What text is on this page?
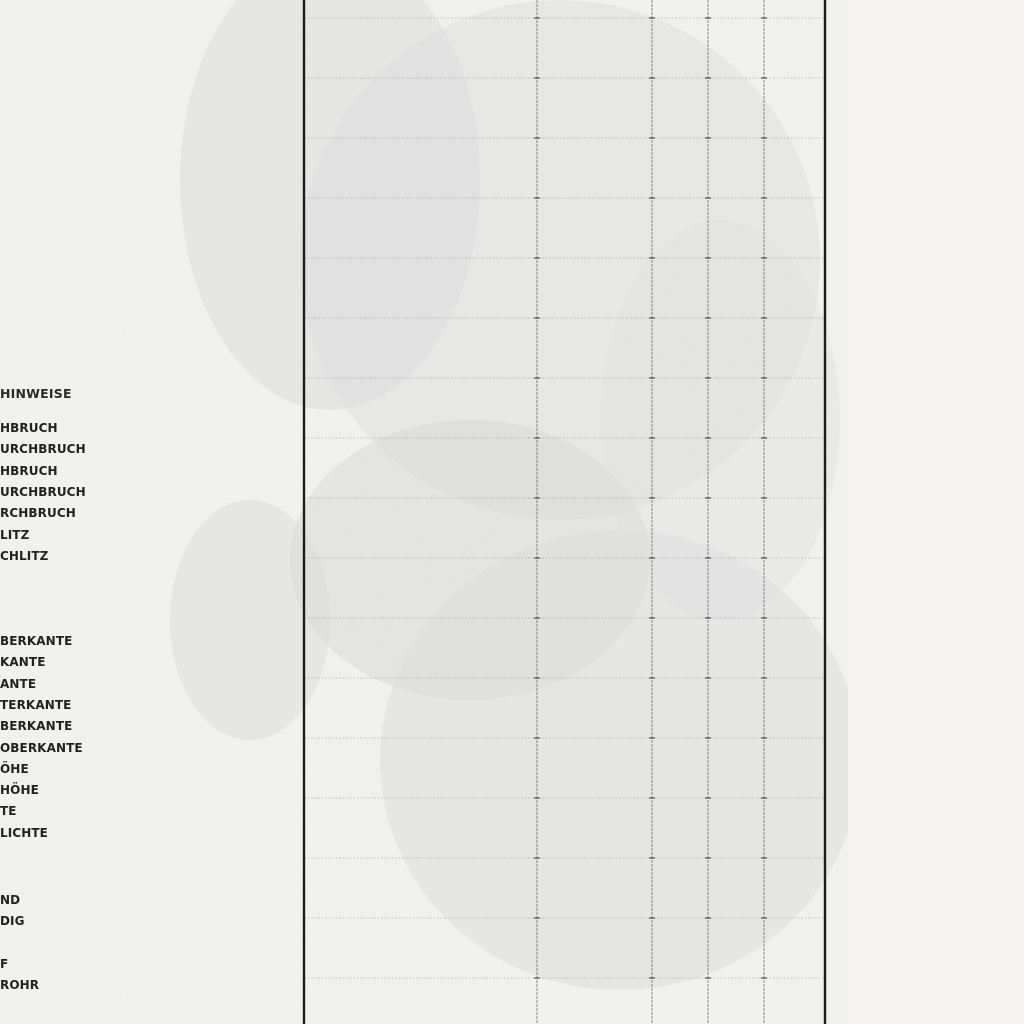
HINWEISE
HBRUCH
URCHBRUCH
HBRUCH
URCHBRUCH
RCHBRUCH
LITZ
CHLITZ
BERKANTE
KANTE
ANTE
TERKANTE
BERKANTE
OBERKANTE
ÖHE
HÖHE
TE
LICHTE
ND
DIG
F
ROHR
